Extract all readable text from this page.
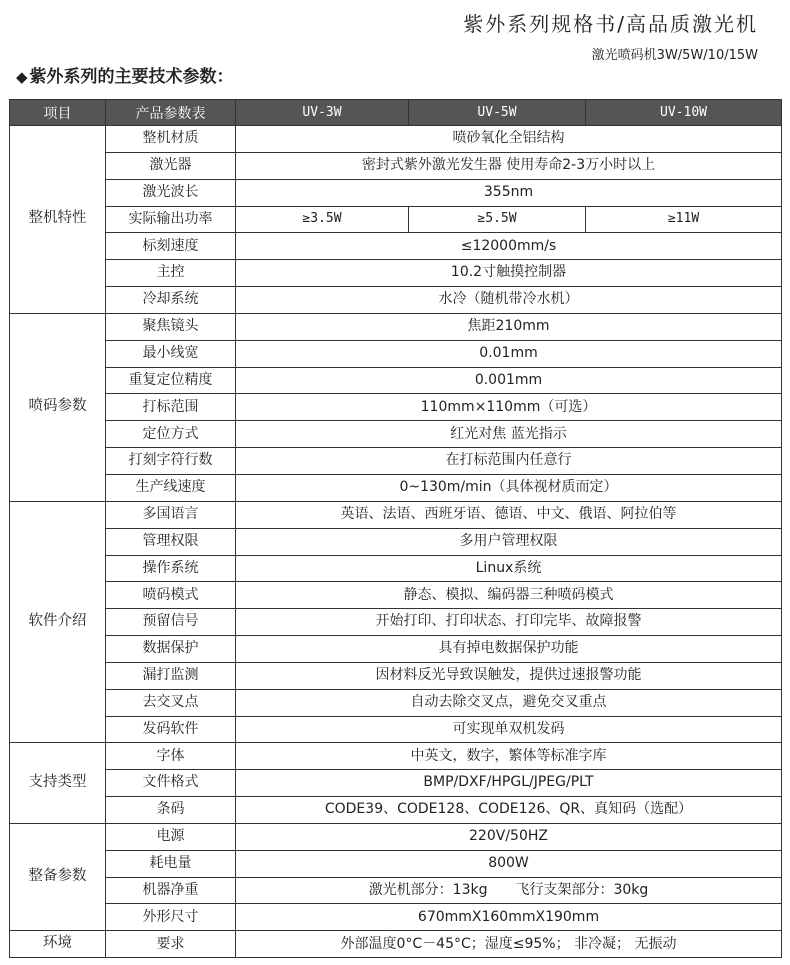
紫外系列规格书/高品质激光机
激光喷码机3W/5W/10/15W
◆ 紫外系列的主要技术参数：
项目	产品参数表	UV-3W	UV-5W	UV-10W
整机特性	整机材质	喷砂氧化全铝结构		
	激光器	密封式紫外激光发生器 使用寿命2-3万小时以上		
	激光波长	355nm		
	实际输出功率	≥3.5W	≥5.5W	≥11W
	标刻速度	≤12000mm/s		
	主控	10.2寸触摸控制器		
	冷却系统	水冷（随机带冷水机）		
喷码参数	聚焦镜头	焦距210mm		
	最小线宽	0.01mm		
	重复定位精度	0.001mm		
	打标范围	110mm×110mm（可选）		
	定位方式	红光对焦 蓝光指示		
	打刻字符行数	在打标范围内任意行		
	生产线速度	0~130m/min（具体视材质而定）		
软件介绍	多国语言	英语、法语、西班牙语、德语、中文、俄语、阿拉伯等		
	管理权限	多用户管理权限		
	操作系统	Linux系统		
	喷码模式	静态、模拟、编码器三种喷码模式		
	预留信号	开始打印、打印状态、打印完毕、故障报警		
	数据保护	具有掉电数据保护功能		
	漏打监测	因材料反光导致误触发，提供过速报警功能		
	去交叉点	自动去除交叉点，避免交叉重点		
	发码软件	可实现单双机发码		
支持类型	字体	中英文，数字，繁体等标准字库		
	文件格式	BMP/DXF/HPGL/JPEG/PLT		
	条码	CODE39、CODE128、CODE126、QR、真知码（选配）		
整备参数	电源	220V/50HZ		
	耗电量	800W		
	机器净重	激光机部分：13kg　　飞行支架部分：30kg		
	外形尺寸	670mmX160mmX190mm		
环境	要求	外部温度0°C－45°C；湿度≤95%； 非冷凝； 无振动		
